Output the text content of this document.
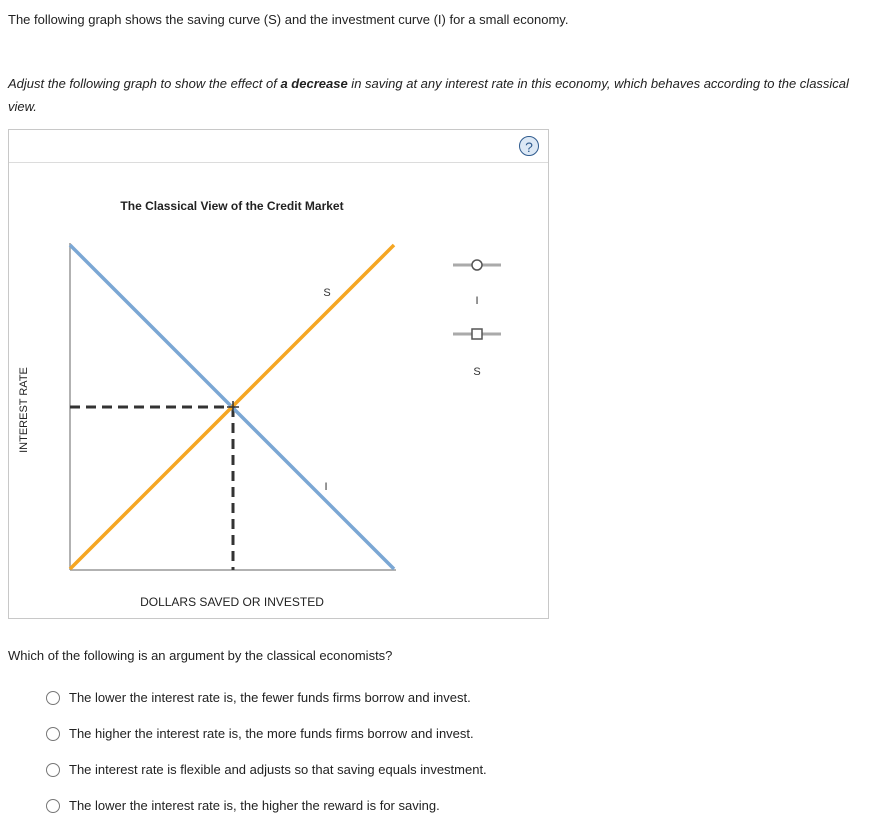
The following graph shows the saving curve (S) and the investment curve (I) for a small economy.
Adjust the following graph to show the effect of a decrease in saving at any interest rate in this economy, which behaves according to the classical view.
?
The Classical View of the Credit Market
INTEREST RATE
DOLLARS SAVED OR INVESTED
S
I
I
S
Which of the following is an argument by the classical economists?
The lower the interest rate is, the fewer funds firms borrow and invest.
The higher the interest rate is, the more funds firms borrow and invest.
The interest rate is flexible and adjusts so that saving equals investment.
The lower the interest rate is, the higher the reward is for saving.
